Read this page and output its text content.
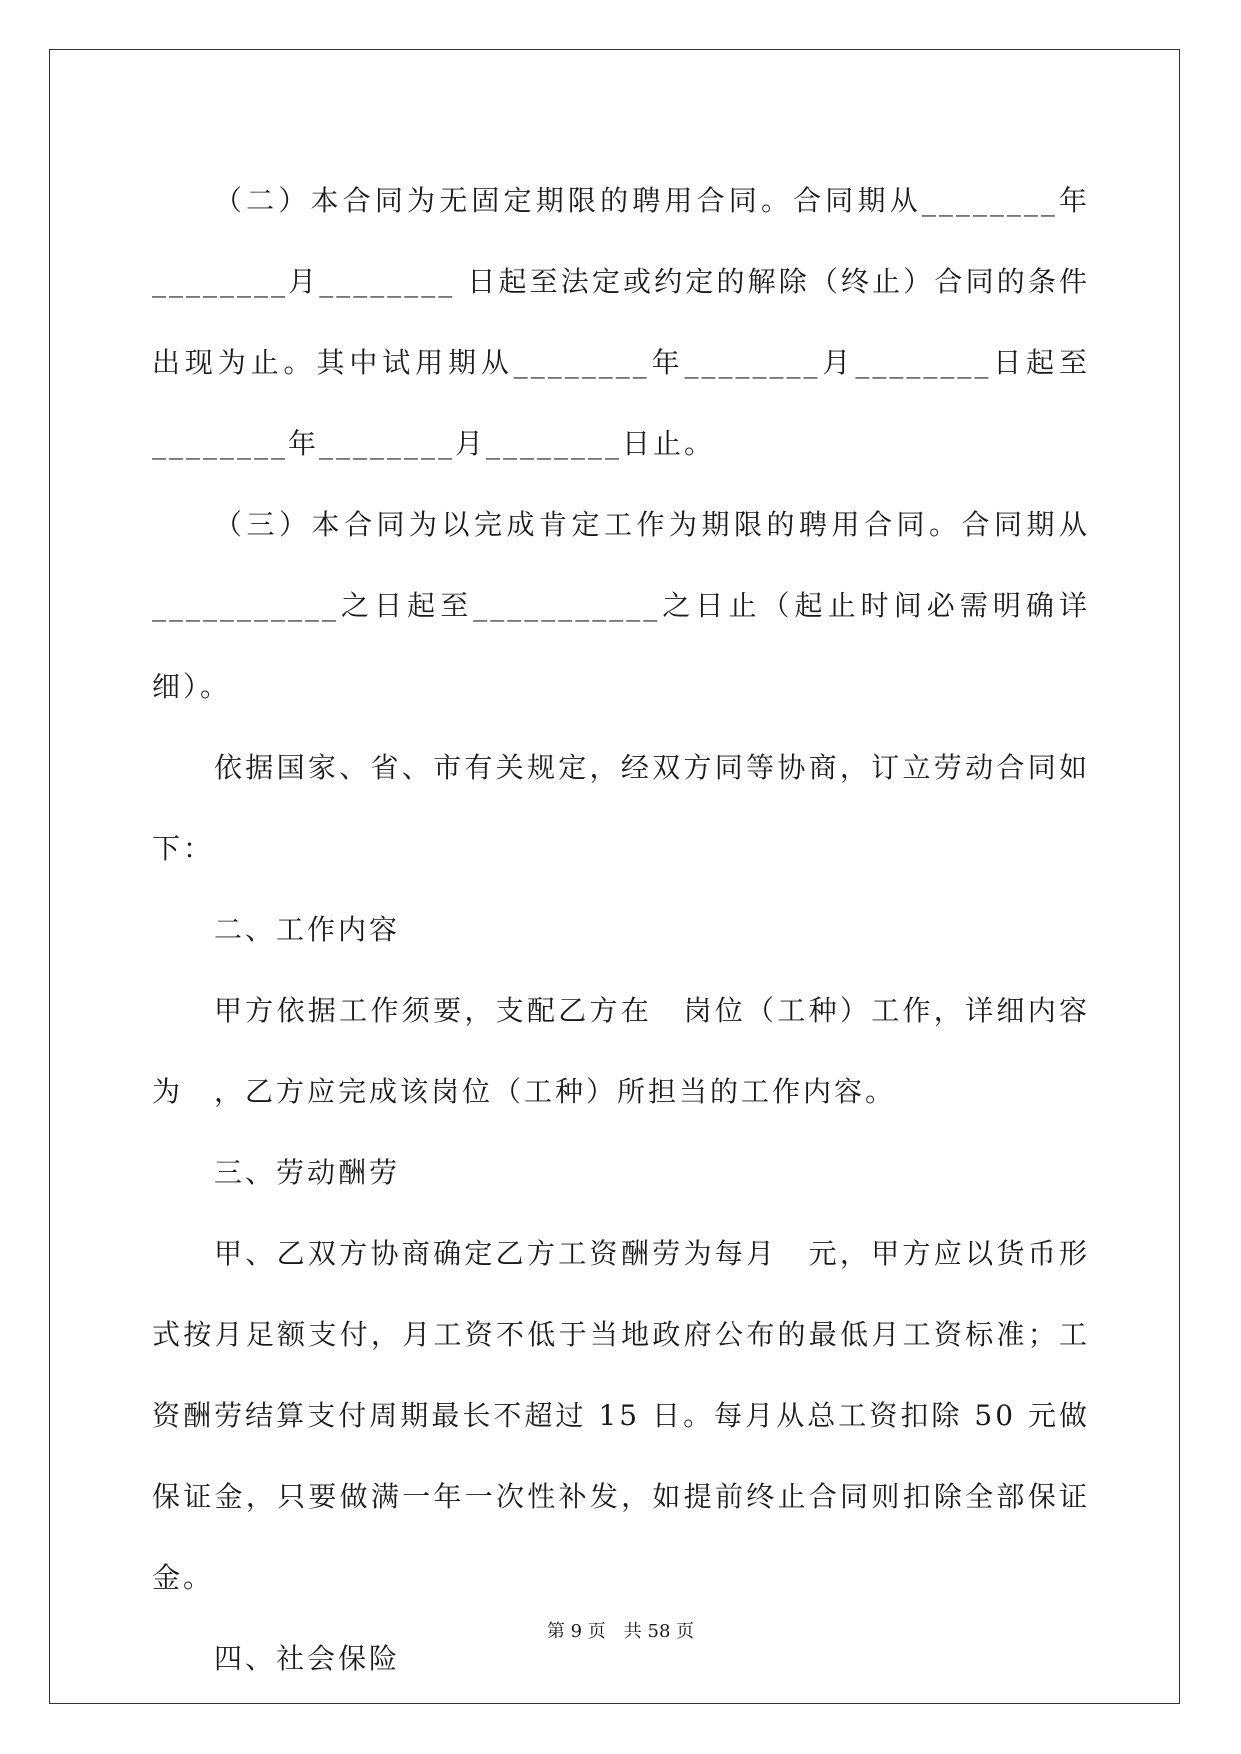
（二）本合同为无固定期限的聘用合同。合同期从________年________月________ 日起至法定或约定的解除（终止）合同的条件出现为止。其中试用期从________年________月________日起至________年________月________日止。

（三）本合同为以完成肯定工作为期限的聘用合同。合同期从___________之日起至___________之日止（起止时间必需明确详细）。

依据国家、省、市有关规定，经双方同等协商，订立劳动合同如下：

二、工作内容

甲方依据工作须要，支配乙方在　岗位（工种）工作，详细内容为　，乙方应完成该岗位（工种）所担当的工作内容。

三、劳动酬劳

甲、乙双方协商确定乙方工资酬劳为每月　元，甲方应以货币形式按月足额支付，月工资不低于当地政府公布的最低月工资标准；工资酬劳结算支付周期最长不超过 15 日。每月从总工资扣除 50 元做保证金，只要做满一年一次性补发，如提前终止合同则扣除全部保证金。

四、社会保险

第 9 页　共 58 页
